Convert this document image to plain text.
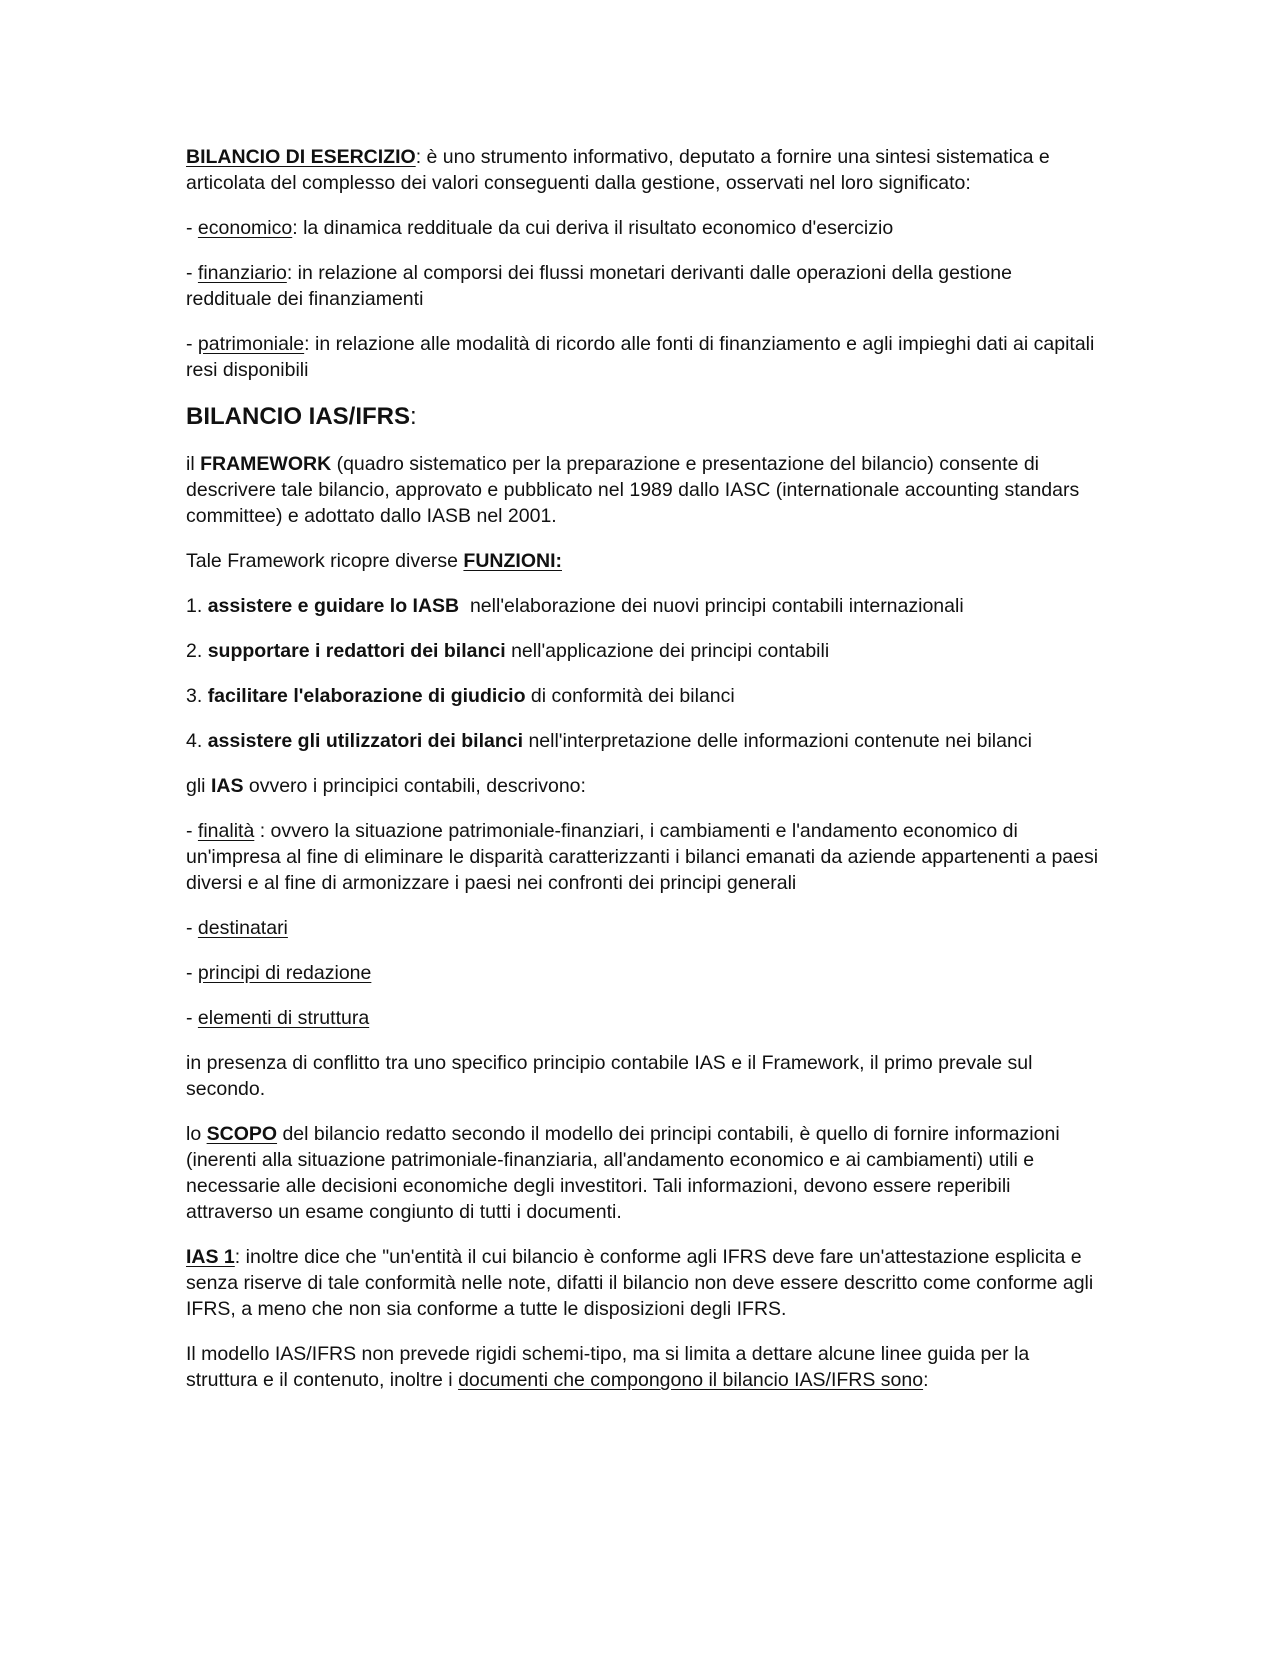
BILANCIO DI ESERCIZIO: è uno strumento informativo, deputato a fornire una sintesi sistematica e articolata del complesso dei valori conseguenti dalla gestione, osservati nel loro significato:

- economico: la dinamica reddituale da cui deriva il risultato economico d'esercizio

- finanziario: in relazione al comporsi dei flussi monetari derivanti dalle operazioni della gestione reddituale dei finanziamenti

- patrimoniale: in relazione alle modalità di ricordo alle fonti di finanziamento e agli impieghi dati ai capitali resi disponibili

BILANCIO IAS/IFRS:

il FRAMEWORK (quadro sistematico per la preparazione e presentazione del bilancio) consente di descrivere tale bilancio, approvato e pubblicato nel 1989 dallo IASC (internationale accounting standars committee) e adottato dallo IASB nel 2001.

Tale Framework ricopre diverse FUNZIONI:

1. assistere e guidare lo IASB  nell'elaborazione dei nuovi principi contabili internazionali

2. supportare i redattori dei bilanci nell'applicazione dei principi contabili

3. facilitare l'elaborazione di giudicio di conformità dei bilanci

4. assistere gli utilizzatori dei bilanci nell'interpretazione delle informazioni contenute nei bilanci

gli IAS ovvero i principici contabili, descrivono:

- finalità : ovvero la situazione patrimoniale-finanziari, i cambiamenti e l'andamento economico di un'impresa al fine di eliminare le disparità caratterizzanti i bilanci emanati da aziende appartenenti a paesi diversi e al fine di armonizzare i paesi nei confronti dei principi generali

- destinatari

- principi di redazione

- elementi di struttura

in presenza di conflitto tra uno specifico principio contabile IAS e il Framework, il primo prevale sul secondo.

lo SCOPO del bilancio redatto secondo il modello dei principi contabili, è quello di fornire informazioni (inerenti alla situazione patrimoniale-finanziaria, all'andamento economico e ai cambiamenti) utili e necessarie alle decisioni economiche degli investitori. Tali informazioni, devono essere reperibili attraverso un esame congiunto di tutti i documenti.

IAS 1: inoltre dice che "un'entità il cui bilancio è conforme agli IFRS deve fare un'attestazione esplicita e senza riserve di tale conformità nelle note, difatti il bilancio non deve essere descritto come conforme agli IFRS, a meno che non sia conforme a tutte le disposizioni degli IFRS.

Il modello IAS/IFRS non prevede rigidi schemi-tipo, ma si limita a dettare alcune linee guida per la struttura e il contenuto, inoltre i documenti che compongono il bilancio IAS/IFRS sono:
